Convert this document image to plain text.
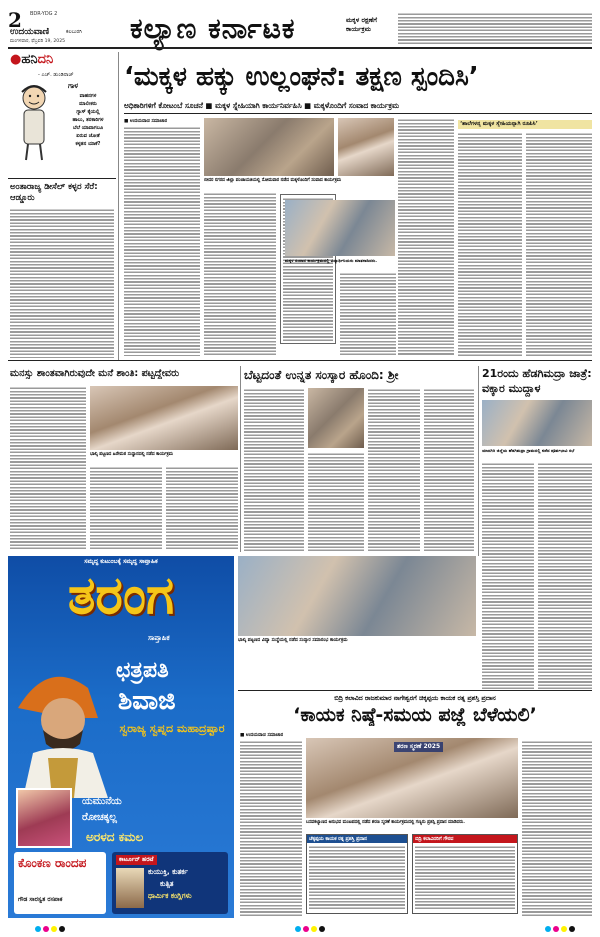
2 BDR-YDG 2
ಉದಯವಾಣಿ	ಕಲಬುರಗಿ
ಮಂಗಳವಾರ, ಫೆಬ್ರವರಿ 19, 2025 ಕಲ್ಯಾಣ ಕರ್ನಾಟಕ	ಮಕ್ಕಳ ರಕ್ಷಣೆಗೆ ಕಾರ್ಯಕ್ರಮ
●ಹನಿದನಿ
- ಎಚ್. ಡುಂಡಿರಾಜ್
ಗಾಳ
ವಾಹನಗಳ
ಮಾಲೀಕರು
ಗ್ಯಾಸ್ ಕೈಯಲ್ಲಿ
ಹಾಲು, ತರಕಾರಿಗಳ
ಬೆಲೆ ಯಾವಾಗಲೂ
ಏರುವ ಜೋತೆ
ಕಳ್ಳತನ ಯಾಕೆ?
ಅಂತಾರಾಜ್ಯ ಡೀಸೆಲ್ ಕಳ್ಳರ ಸೆರೆ: ಆಡ್ಡೂರು
‘ಮಕ್ಕಳ ಹಕ್ಕು ಉಲ್ಲಂಘನೆ: ತಕ್ಷಣ ಸ್ಪಂದಿಸಿ’
ಅಧಿಕಾರಿಗಳಿಗೆ ಕೋಟಂಬೆ ಸೂಚನೆ ■ ಮಕ್ಕಳ ಸ್ನೇಹಿಯಾಗಿ ಕಾರ್ಯನಿರ್ವಹಿಸಿ ■ ಮಕ್ಕಳೊಂದಿಗೆ ಸಂವಾದ ಕಾರ್ಯಕ್ರಮ
■ ಉದಯವಾಣಿ ಸಮಾಚಾರ
ಬೀದರ ನಗರದ ಜಿಲ್ಲಾ ಪಂಚಾಯತಿಯಲ್ಲಿ ಸೋಮವಾರ ನಡೆದ ಮಕ್ಕಳೊಂದಿಗೆ ಸಂವಾದ ಕಾರ್ಯಕ್ರಮ
ಮಕ್ಕಳ ಸಂವಾದ ಕಾರ್ಯಕ್ರಮದಲ್ಲಿ ವಿದ್ಯಾರ್ಥಿನಿಯರು ಮಾತನಾಡಿದರು.
‘ಶಾಲೆಗಳನ್ನ ಮಕ್ಕಳ ಸ್ನೇಹಿಯನ್ನಾಗಿ ರೂಪಿಸಿ’
ಮನಸ್ಸು ಶಾಂತವಾಗಿರುವುದೇ ಮನೆ ಶಾಂತಿ: ಪಟ್ಟದ್ದೇವರು
ಭಾಲ್ಕಿ ಪಟ್ಟಣದ ಹಿರೇಮಠ ಸಂಸ್ಥಾನದಲ್ಲಿ ನಡೆದ ಕಾರ್ಯಕ್ರಮ
ಬೆಟ್ಟದಂತೆ ಉನ್ನತ ಸಂಸ್ಕಾರ ಹೊಂದಿ: ಶ್ರೀ	21ರಂದು ಹೆಡಗಿಮದ್ರಾ ಜಾತ್ರೆ: ವಕ್ಕಾರ ಮುದ್ದಾಳ
ಯಾದಗಿರಿ ಜಿಲ್ಲೆಯ ಹೆಡಗಿಮದ್ರಾ ಗ್ರಾಮದಲ್ಲಿ ನಡೆದ ಪೂರ್ವಭಾವಿ ಸಭೆ
ಭಾಲ್ಕಿ ಪಟ್ಟಣದ ವಿದ್ಯಾ ಸಂಸ್ಥೆಯಲ್ಲಿ ನಡೆದ ಸಂಸ್ಕಾರ ಸಮಾರಂಭ ಕಾರ್ಯಕ್ರಮ
ಸಮೃದ್ಧ ಕುಟುಂಬಕ್ಕೆ ಸಮೃದ್ಧ ಸಾಪ್ತಾಹಿಕ
ತರಂಗ
ಸಾಪ್ತಾಹಿಕ
ಛತ್ರಪತಿ
ಶಿವಾಜಿ
ಸ್ವರಾಜ್ಯ ಸ್ವಪ್ನದ ಮಹಾದ್ರಷ್ಟಾರ
ಯಮುನೆಯ
ರೋಚಕ್ಕಲ್ಲ
ಅರಳದ ಕಮಲ
ಕೊಂಕಣ ರಾಂದಪ
ಗೌಡ ಸಾರಸ್ವತ ರಸಪಾಕ
ಕಾರ್ಟೂನ್ ಹರಟೆ
ಕುಯುಕ್ತಿ, ಕುತರ್ಕ
ಕುತ್ಸಿತ
ಧಾರ್ಮಿಕ ಕಂಗ್ಲಿಗಳು
ಬಿದ್ರಿ ಕಲಾವಿದ ರಾಜಕುಮಾರ ನಾಗೇಶ್ವರಗೆ ಚಿಕ್ಕಪ್ಪಯ ಕಾಯಕ ರತ್ನ ಪ್ರಶಸ್ತಿ ಪ್ರದಾನ
‘ಕಾಯಕ ನಿಷ್ಠೆ-ಸಮಯ ಪಜ್ಲೆ ಬೆಳೆಯಲಿ’
■ ಉದಯವಾಣಿ ಸಮಾಚಾರ
ಶರಣ ಸ್ಮರಣೆ 2025
ಬಸವಕಲ್ಯಾಣದ ಅನುಭವ ಮಂಟಪದಲ್ಲಿ ನಡೆದ ಶರಣ ಸ್ಮರಣೆ ಕಾರ್ಯಕ್ರಮದಲ್ಲಿ ಗಣ್ಯರು ಪ್ರಶಸ್ತಿ ಪ್ರದಾನ ಮಾಡಿದರು.
ಚೆಕ್ಕಪ್ಪಯ ಕಾಯಕ ರತ್ನ ಪ್ರಶಸ್ತಿ ಪ್ರದಾನ	ಬಿದ್ರಿ ಕಲಾವಿದರಿಗೆ ಗೌರವ
